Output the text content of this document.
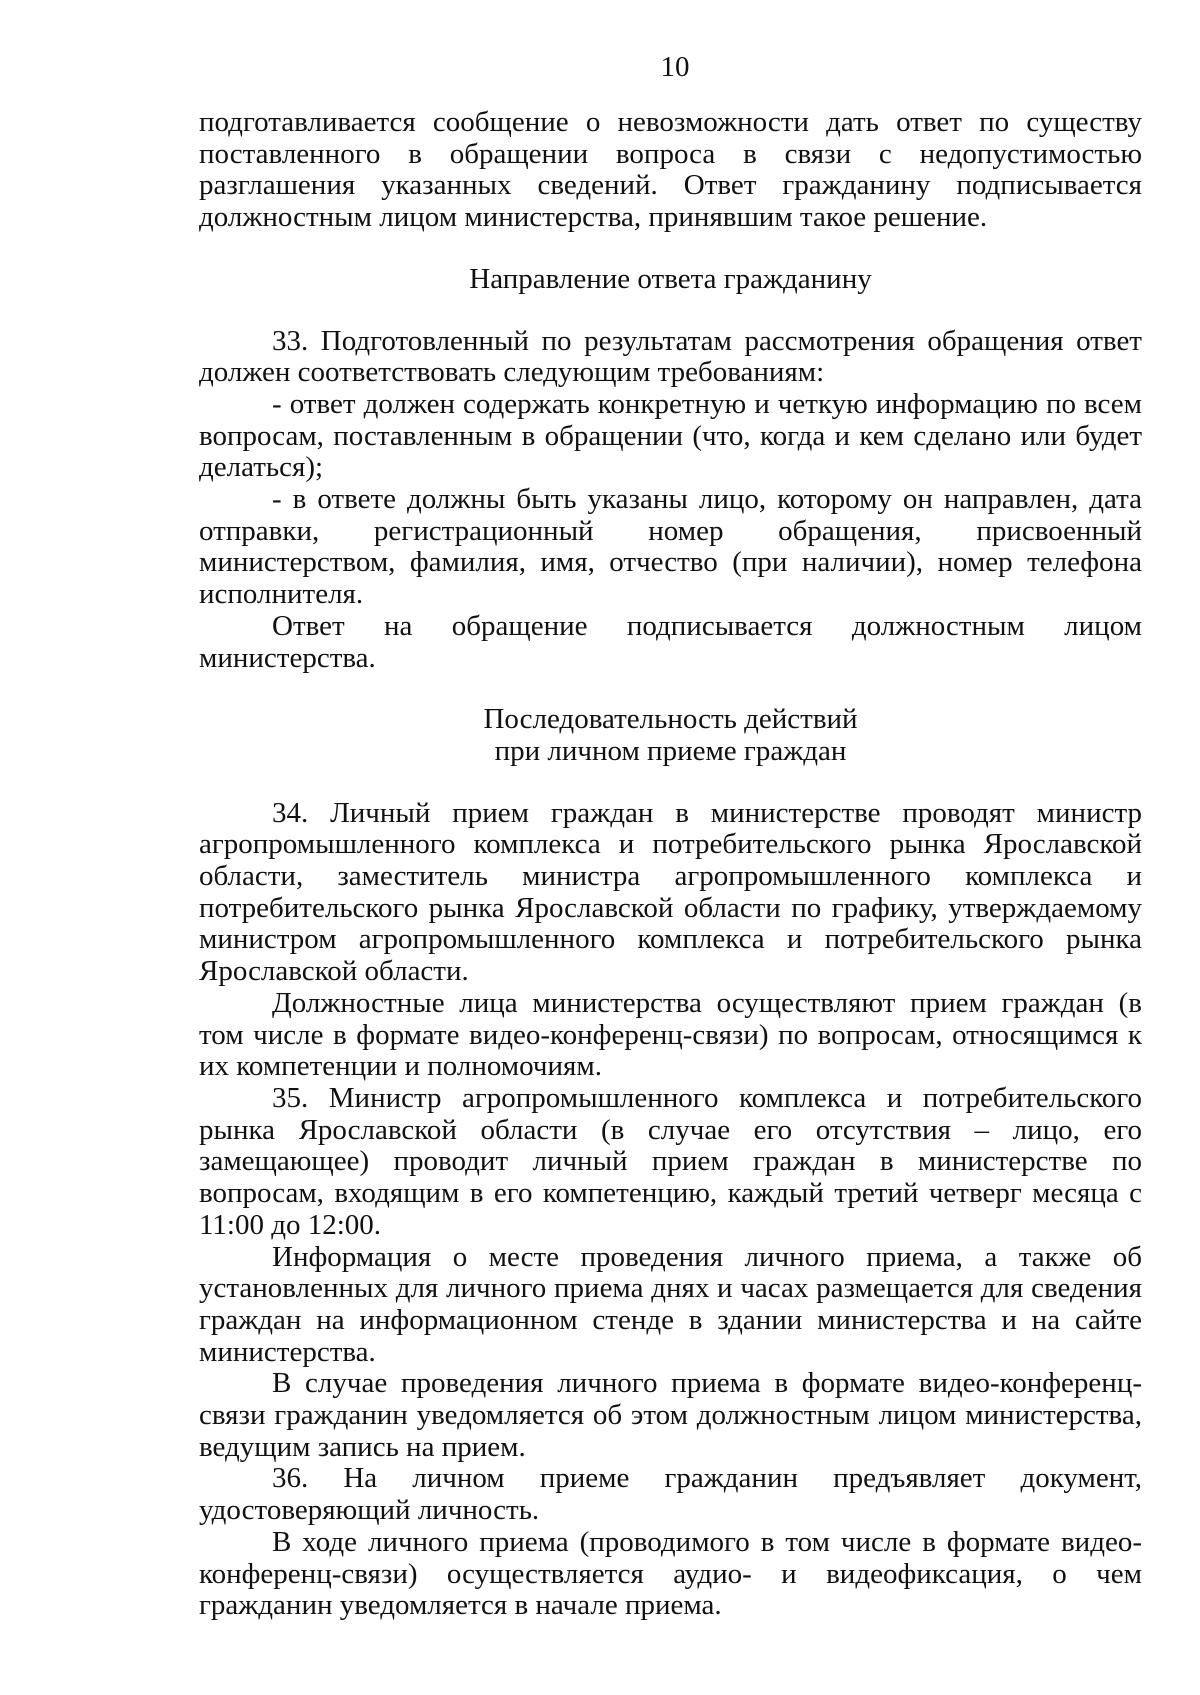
10

подготавливается сообщение о невозможности дать ответ по существу поставленного в обращении вопроса в связи с недопустимостью разглашения указанных сведений. Ответ гражданину подписывается должностным лицом министерства, принявшим такое решение.

Направление ответа гражданину

33. Подготовленный по результатам рассмотрения обращения ответ должен соответствовать следующим требованиям:

- ответ должен содержать конкретную и четкую информацию по всем вопросам, поставленным в обращении (что, когда и кем сделано или будет делаться);

- в ответе должны быть указаны лицо, которому он направлен, дата отправки, регистрационный номер обращения, присвоенный министерством, фамилия, имя, отчество (при наличии), номер телефона исполнителя.

Ответ на обращение подписывается должностным лицом министерства.

Последовательность действий

при личном приеме граждан

34. Личный прием граждан в министерстве проводят министр агропромышленного комплекса и потребительского рынка Ярославской области, заместитель министра агропромышленного комплекса и потребительского рынка Ярославской области по графику, утверждаемому министром агропромышленного комплекса и потребительского рынка Ярославской области.

Должностные лица министерства осуществляют прием граждан (в том числе в формате видео-конференц-связи) по вопросам, относящимся к их компетенции и полномочиям.

35. Министр агропромышленного комплекса и потребительского рынка Ярославской области (в случае его отсутствия – лицо, его замещающее) проводит личный прием граждан в министерстве по вопросам, входящим в его компетенцию, каждый третий четверг месяца с 11:00 до 12:00.

Информация о месте проведения личного приема, а также об установленных для личного приема днях и часах размещается для сведения граждан на информационном стенде в здании министерства и на сайте министерства.

В случае проведения личного приема в формате видео-конференц-связи гражданин уведомляется об этом должностным лицом министерства, ведущим запись на прием.

36. На личном приеме гражданин предъявляет документ, удостоверяющий личность.

В ходе личного приема (проводимого в том числе в формате видео-конференц-связи) осуществляется аудио- и видеофиксация, о чем гражданин уведомляется в начале приема.
